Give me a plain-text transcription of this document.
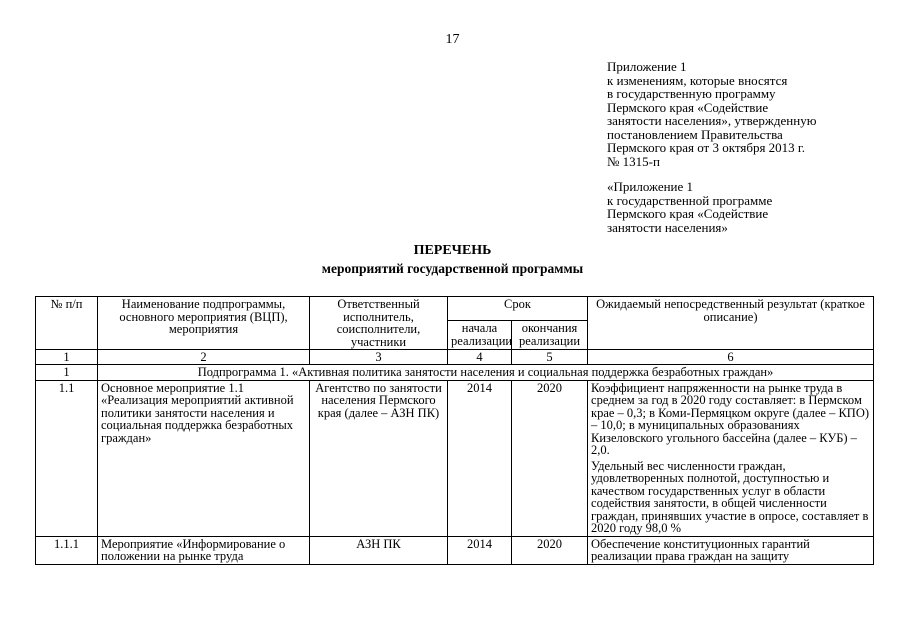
17
Приложение 1
к изменениям, которые вносятся
в государственную программу
Пермского края «Содействие
занятости населения», утвержденную
постановлением Правительства
Пермского края от 3 октября 2013 г.
№ 1315-п
«Приложение 1
к государственной программе
Пермского края «Содействие
занятости населения»
ПЕРЕЧЕНЬ
мероприятий государственной программы
№ п/п	Наименование подпрограммы, основного мероприятия (ВЦП), мероприятия	Ответственный исполнитель, соисполнители, участники	Срок		Ожидаемый непосредственный результат (краткое описание)
			начала реализации	окончания реализации	
1	2	3	4	5	6
1	Подпрограмма 1. «Активная политика занятости населения и социальная поддержка безработных граждан»				
1.1	Основное мероприятие 1.1 «Реализация мероприятий активной политики занятости населения и социальная поддержка безработных граждан»	Агентство по занятости населения Пермского края (далее – АЗН ПК)	2014	2020	Коэффициент напряженности на рынке труда в среднем за год в 2020 году составляет: в Пермском крае – 0,3; в Коми-Пермяцком округе (далее – КПО) – 10,0; в муниципальных образованиях Кизеловского угольного бассейна (далее – КУБ) – 2,0.

Удельный вес численности граждан, удовлетворенных полнотой, доступностью и качеством государственных услуг в области содействия занятости, в общей численности граждан, принявших участие в опросе, составляет в 2020 году 98,0 %

1.1.1	Мероприятие «Информирование о положении на рынке труда	АЗН ПК	2014	2020	Обеспечение конституционных гарантий реализации права граждан на защиту
